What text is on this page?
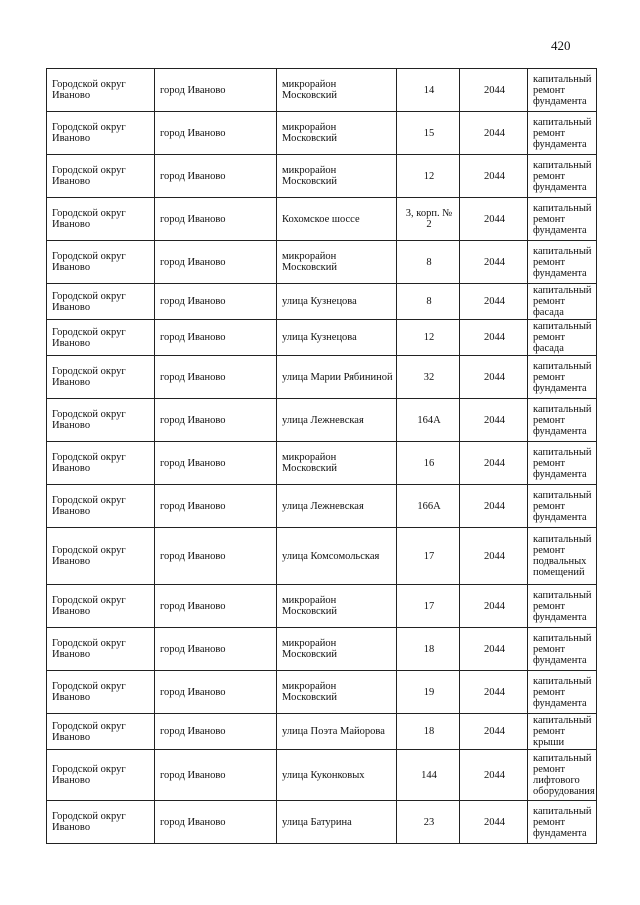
420
Городской округ Иваново	город Иваново	микрорайон Московский	14	2044	капитальный ремонт фундамента
Городской округ Иваново	город Иваново	микрорайон Московский	15	2044	капитальный ремонт фундамента
Городской округ Иваново	город Иваново	микрорайон Московский	12	2044	капитальный ремонт фундамента
Городской округ Иваново	город Иваново	Кохомское шоссе	3, корп. № 2	2044	капитальный ремонт фундамента
Городской округ Иваново	город Иваново	микрорайон Московский	8	2044	капитальный ремонт фундамента
Городской округ Иваново	город Иваново	улица Кузнецова	8	2044	капитальный ремонт фасада
Городской округ Иваново	город Иваново	улица Кузнецова	12	2044	капитальный ремонт фасада
Городской округ Иваново	город Иваново	улица Марии Рябининой	32	2044	капитальный ремонт фундамента
Городской округ Иваново	город Иваново	улица Лежневская	164А	2044	капитальный ремонт фундамента
Городской округ Иваново	город Иваново	микрорайон Московский	16	2044	капитальный ремонт фундамента
Городской округ Иваново	город Иваново	улица Лежневская	166А	2044	капитальный ремонт фундамента
Городской округ Иваново	город Иваново	улица Комсомольская	17	2044	капитальный ремонт подвальных помещений
Городской округ Иваново	город Иваново	микрорайон Московский	17	2044	капитальный ремонт фундамента
Городской округ Иваново	город Иваново	микрорайон Московский	18	2044	капитальный ремонт фундамента
Городской округ Иваново	город Иваново	микрорайон Московский	19	2044	капитальный ремонт фундамента
Городской округ Иваново	город Иваново	улица Поэта Майорова	18	2044	капитальный ремонт крыши
Городской округ Иваново	город Иваново	улица Куконковых	144	2044	капитальный ремонт лифтового оборудования
Городской округ Иваново	город Иваново	улица Батурина	23	2044	капитальный ремонт фундамента
